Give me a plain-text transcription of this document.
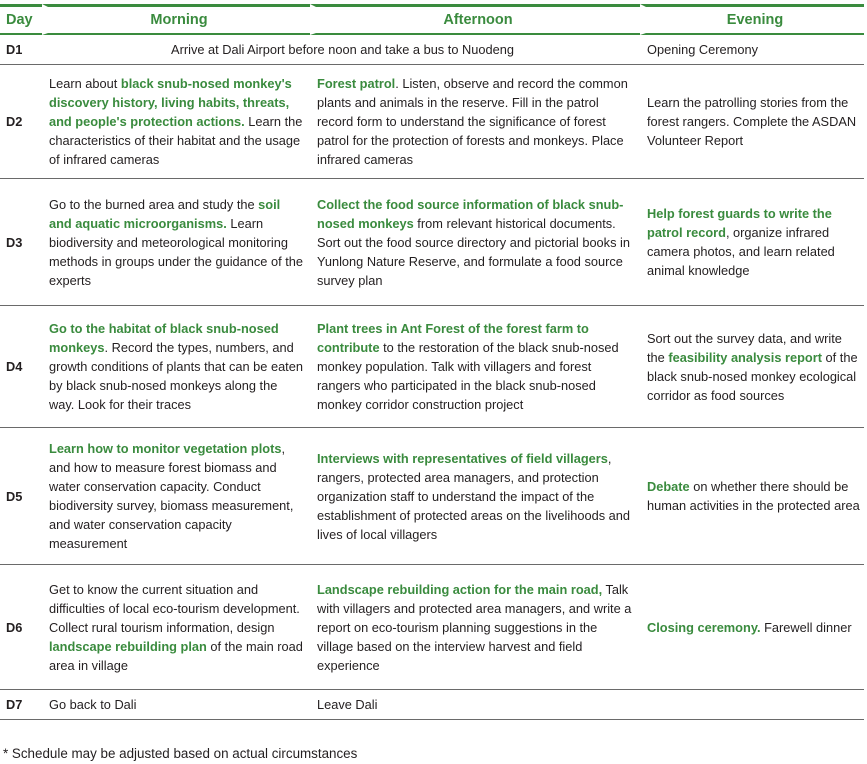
Day	Morning	Afternoon	Evening
D1	Arrive at Dali Airport before noon and take a bus to Nuodeng		Opening Ceremony
D2	Learn about black snub-nosed monkey's discovery history, living habits, threats, and people's protection actions. Learn the characteristics of their habitat and the usage of infrared cameras	Forest patrol. Listen, observe and record the common plants and animals in the reserve. Fill in the patrol record form to understand the significance of forest patrol for the protection of forests and monkeys. Place infrared cameras	Learn the patrolling stories from the forest rangers. Complete the ASDAN Volunteer Report
D3	Go to the burned area and study the soil and aquatic microorganisms. Learn biodiversity and meteorological monitoring methods in groups under the guidance of the experts	Collect the food source information of black snub-nosed monkeys from relevant historical documents. Sort out the food source directory and pictorial books in Yunlong Nature Reserve, and formulate a food source survey plan	Help forest guards to write the patrol record, organize infrared camera photos, and learn related animal knowledge
D4	Go to the habitat of black snub-nosed monkeys. Record the types, numbers, and growth conditions of plants that can be eaten by black snub-nosed monkeys along the way. Look for their traces	Plant trees in Ant Forest of the forest farm to contribute to the restoration of the black snub-nosed monkey population. Talk with villagers and forest rangers who participated in the black snub-nosed monkey corridor construction project	Sort out the survey data, and write the feasibility analysis report of the black snub-nosed monkey ecological corridor as food sources
D5	Learn how to monitor vegetation plots, and how to measure forest biomass and water conservation capacity. Conduct biodiversity survey, biomass measurement, and water conservation capacity measurement	Interviews with representatives of field villagers, rangers, protected area managers, and protection organization staff to understand the impact of the establishment of protected areas on the livelihoods and lives of local villagers	Debate on whether there should be human activities in the protected area
D6	Get to know the current situation and difficulties of local eco-tourism development. Collect rural tourism information, design landscape rebuilding plan of the main road area in village	Landscape rebuilding action for the main road, Talk with villagers and protected area managers, and write a report on eco-tourism planning suggestions in the village based on the interview harvest and field experience	Closing ceremony. Farewell dinner
D7	Go back to Dali	Leave Dali	
* Schedule may be adjusted based on actual circumstances
